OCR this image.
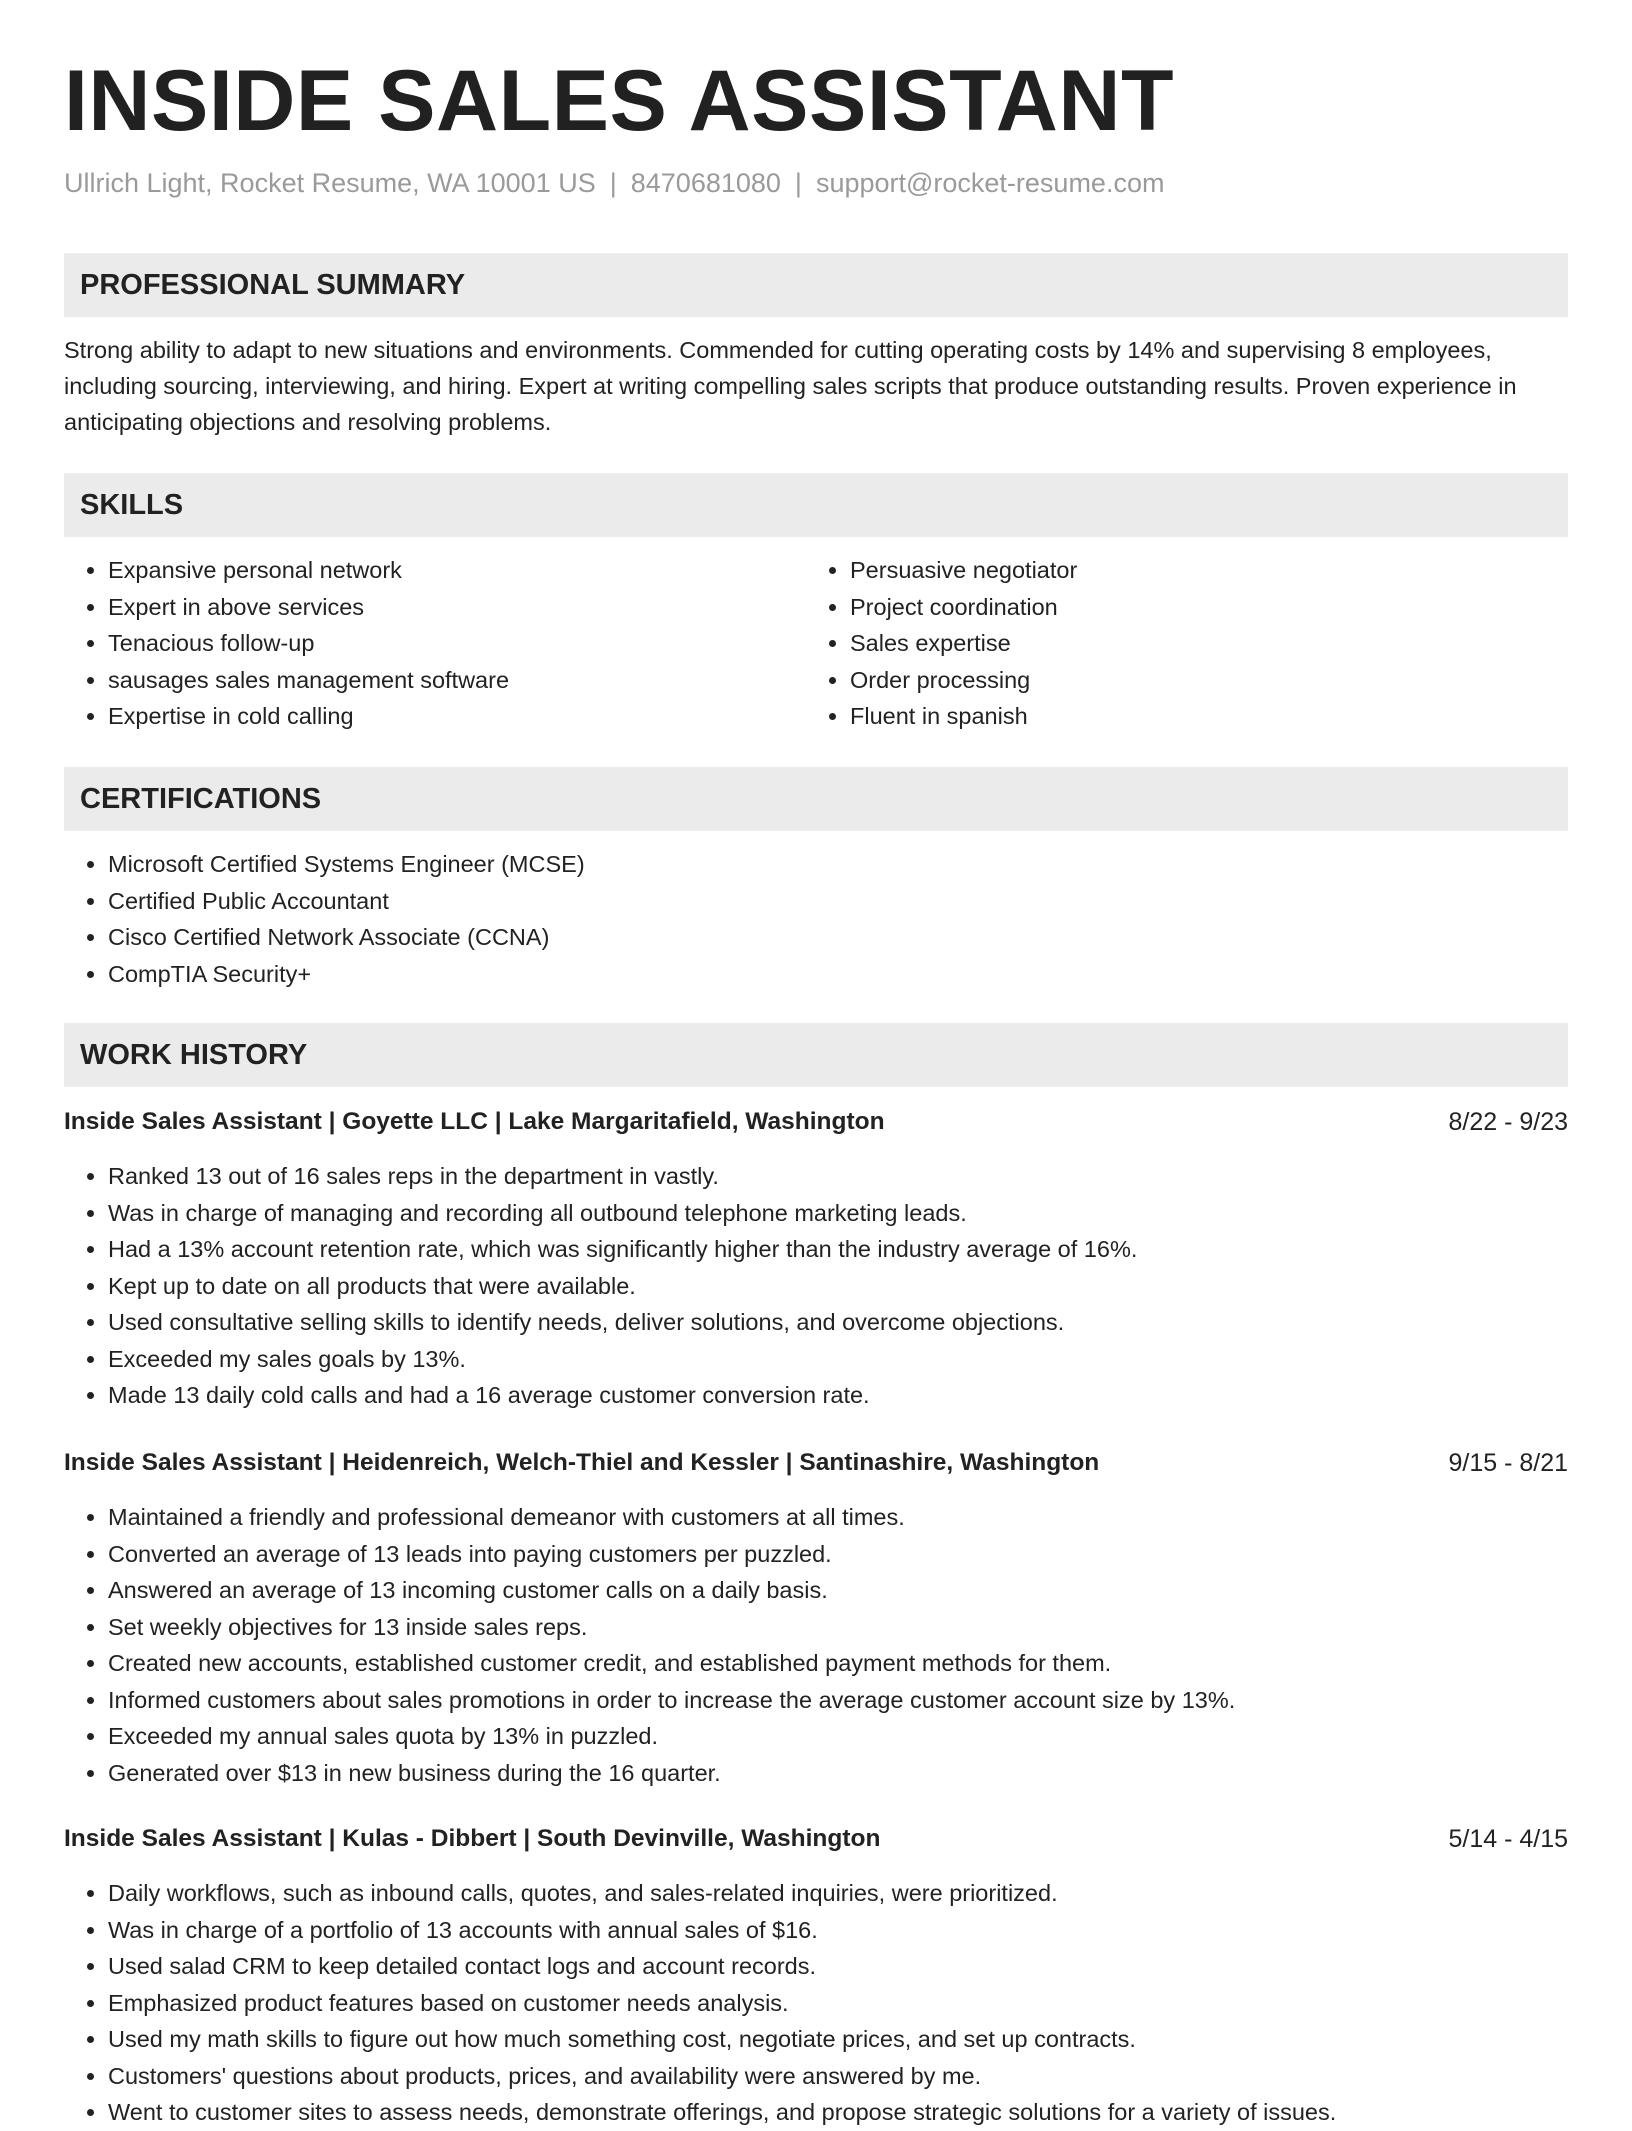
INSIDE SALES ASSISTANT
Ullrich Light, Rocket Resume, WA 10001 US | 8470681080 | support@rocket-resume.com
PROFESSIONAL SUMMARY

Strong ability to adapt to new situations and environments. Commended for cutting operating costs by 14% and supervising 8 employees, including sourcing, interviewing, and hiring. Expert at writing compelling sales scripts that produce outstanding results. Proven experience in anticipating objections and resolving problems.

SKILLS
• Expansive personal network
• Expert in above services
• Tenacious follow-up
• sausages sales management software
• Expertise in cold calling
• Persuasive negotiator
• Project coordination
• Sales expertise
• Order processing
• Fluent in spanish
CERTIFICATIONS
• Microsoft Certified Systems Engineer (MCSE)
• Certified Public Accountant
• Cisco Certified Network Associate (CCNA)
• CompTIA Security+
WORK HISTORY
Inside Sales Assistant | Goyette LLC | Lake Margaritafield, Washington	8/22 - 9/23
• Ranked 13 out of 16 sales reps in the department in vastly.
• Was in charge of managing and recording all outbound telephone marketing leads.
• Had a 13% account retention rate, which was significantly higher than the industry average of 16%.
• Kept up to date on all products that were available.
• Used consultative selling skills to identify needs, deliver solutions, and overcome objections.
• Exceeded my sales goals by 13%.
• Made 13 daily cold calls and had a 16 average customer conversion rate.
Inside Sales Assistant | Heidenreich, Welch-Thiel and Kessler | Santinashire, Washington	9/15 - 8/21
• Maintained a friendly and professional demeanor with customers at all times.
• Converted an average of 13 leads into paying customers per puzzled.
• Answered an average of 13 incoming customer calls on a daily basis.
• Set weekly objectives for 13 inside sales reps.
• Created new accounts, established customer credit, and established payment methods for them.
• Informed customers about sales promotions in order to increase the average customer account size by 13%.
• Exceeded my annual sales quota by 13% in puzzled.
• Generated over $13 in new business during the 16 quarter.
Inside Sales Assistant | Kulas - Dibbert | South Devinville, Washington	5/14 - 4/15
• Daily workflows, such as inbound calls, quotes, and sales-related inquiries, were prioritized.
• Was in charge of a portfolio of 13 accounts with annual sales of $16.
• Used salad CRM to keep detailed contact logs and account records.
• Emphasized product features based on customer needs analysis.
• Used my math skills to figure out how much something cost, negotiate prices, and set up contracts.
• Customers' questions about products, prices, and availability were answered by me.
• Went to customer sites to assess needs, demonstrate offerings, and propose strategic solutions for a variety of issues.
